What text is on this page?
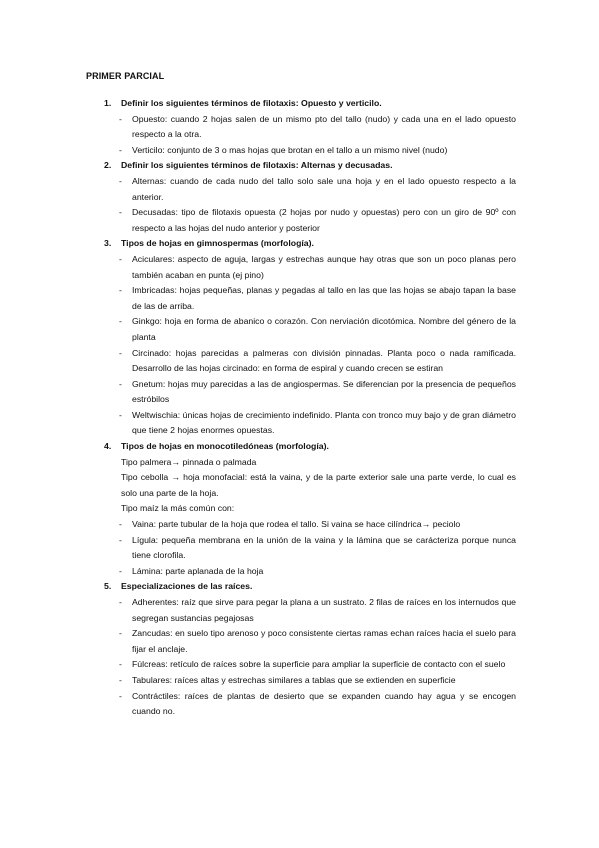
PRIMER PARCIAL
1. Definir los siguientes términos de filotaxis: Opuesto y verticilo.
- Opuesto: cuando 2 hojas salen de un mismo pto del tallo (nudo) y cada una en el lado opuesto respecto a la otra.
- Verticilo: conjunto de 3 o mas hojas que brotan en el tallo a un mismo nivel (nudo)
2. Definir los siguientes términos de filotaxis: Alternas y decusadas.
- Alternas: cuando de cada nudo del tallo solo sale una hoja y en el lado opuesto respecto a la anterior.
- Decusadas: tipo de filotaxis opuesta (2 hojas por nudo y opuestas) pero con un giro de 90º con respecto a las hojas del nudo anterior y posterior
3. Tipos de hojas en gimnospermas (morfología).
- Aciculares: aspecto de aguja, largas y estrechas aunque hay otras que son un poco planas pero también acaban en punta (ej pino)
- Imbricadas: hojas pequeñas, planas y pegadas al tallo en las que las hojas se abajo tapan la base de las de arriba.
- Ginkgo: hoja en forma de abanico o corazón. Con nerviación dicotómica. Nombre del género de la planta
- Circinado: hojas parecidas a palmeras con división pinnadas. Planta poco o nada ramificada. Desarrollo de las hojas circinado: en forma de espiral y cuando crecen se estiran
- Gnetum: hojas muy parecidas a las de angiospermas. Se diferencian por la presencia de pequeños estróbilos
- Weltwischia: únicas hojas de crecimiento indefinido. Planta con tronco muy bajo y de gran diámetro que tiene 2 hojas enormes opuestas.
4. Tipos de hojas en monocotiledóneas (morfología).
Tipo palmera→ pinnada o palmada
Tipo cebolla → hoja monofacial: está la vaina, y de la parte exterior sale una parte verde, lo cual es solo una parte de la hoja.
Tipo maíz la más común con:
- Vaina: parte tubular de la hoja que rodea el tallo. Si vaina se hace cilíndrica→ peciolo
- Lígula: pequeña membrana en la unión de la vaina y la lámina que se carácteriza porque nunca tiene clorofila.
- Lámina: parte aplanada de la hoja
5. Especializaciones de las raíces.
- Adherentes: raíz que sirve para pegar la plana a un sustrato. 2 filas de raíces en los internudos que segregan sustancias pegajosas
- Zancudas: en suelo tipo arenoso y poco consistente ciertas ramas echan raíces hacia el suelo para fijar el anclaje.
- Fúlcreas: retículo de raíces sobre la superficie para ampliar la superficie de contacto con el suelo
- Tabulares: raíces altas y estrechas similares a tablas que se extienden en superficie
- Contráctiles: raíces de plantas de desierto que se expanden cuando hay agua y se encogen cuando no.
